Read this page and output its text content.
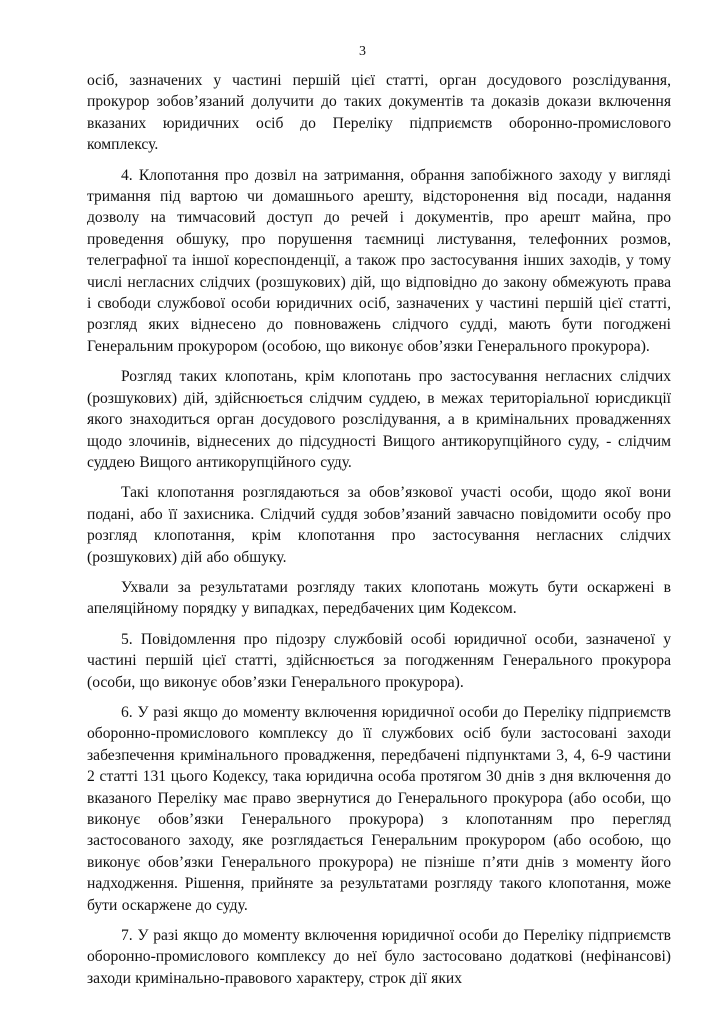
3

осіб, зазначених у частині першій цієї статті, орган досудового розслідування, прокурор зобов’язаний долучити до таких документів та доказів докази включення вказаних юридичних осіб до Переліку підприємств оборонно-промислового комплексу.

4. Клопотання про дозвіл на затримання, обрання запобіжного заходу у вигляді тримання під вартою чи домашнього арешту, відсторонення від посади, надання дозволу на тимчасовий доступ до речей і документів, про арешт майна, про проведення обшуку, про порушення таємниці листування, телефонних розмов, телеграфної та іншої кореспонденції, а також про застосування інших заходів, у тому числі негласних слідчих (розшукових) дій, що відповідно до закону обмежують права і свободи службової особи юридичних осіб, зазначених у частині першій цієї статті, розгляд яких віднесено до повноважень слідчого судді, мають бути погоджені Генеральним прокурором (особою, що виконує обов’язки Генерального прокурора).

Розгляд таких клопотань, крім клопотань про застосування негласних слідчих (розшукових) дій, здійснюється слідчим суддею, в межах територіальної юрисдикції якого знаходиться орган досудового розслідування, а в кримінальних провадженнях щодо злочинів, віднесених до підсудності Вищого антикорупційного суду, - слідчим суддею Вищого антикорупційного суду.

Такі клопотання розглядаються за обов’язкової участі особи, щодо якої вони подані, або її захисника. Слідчий суддя зобов’язаний завчасно повідомити особу про розгляд клопотання, крім клопотання про застосування негласних слідчих (розшукових) дій або обшуку.

Ухвали за результатами розгляду таких клопотань можуть бути оскаржені в апеляційному порядку у випадках, передбачених цим Кодексом.

5. Повідомлення про підозру службовій особі юридичної особи, зазначеної у частині першій цієї статті, здійснюється за погодженням Генерального прокурора (особи, що виконує обов’язки Генерального прокурора).

6. У разі якщо до моменту включення юридичної особи до Переліку підприємств оборонно-промислового комплексу до її службових осіб були застосовані заходи забезпечення кримінального провадження, передбачені підпунктами 3, 4, 6-9 частини 2 статті 131 цього Кодексу, така юридична особа протягом 30 днів з дня включення до вказаного Переліку має право звернутися до Генерального прокурора (або особи, що виконує обов’язки Генерального прокурора) з клопотанням про перегляд застосованого заходу, яке розглядається Генеральним прокурором (або особою, що виконує обов’язки Генерального прокурора) не пізніше п’яти днів з моменту його надходження. Рішення, прийняте за результатами розгляду такого клопотання, може бути оскаржене до суду.

7. У разі якщо до моменту включення юридичної особи до Переліку підприємств оборонно-промислового комплексу до неї було застосовано додаткові (нефінансові) заходи кримінально-правового характеру, строк дії яких
